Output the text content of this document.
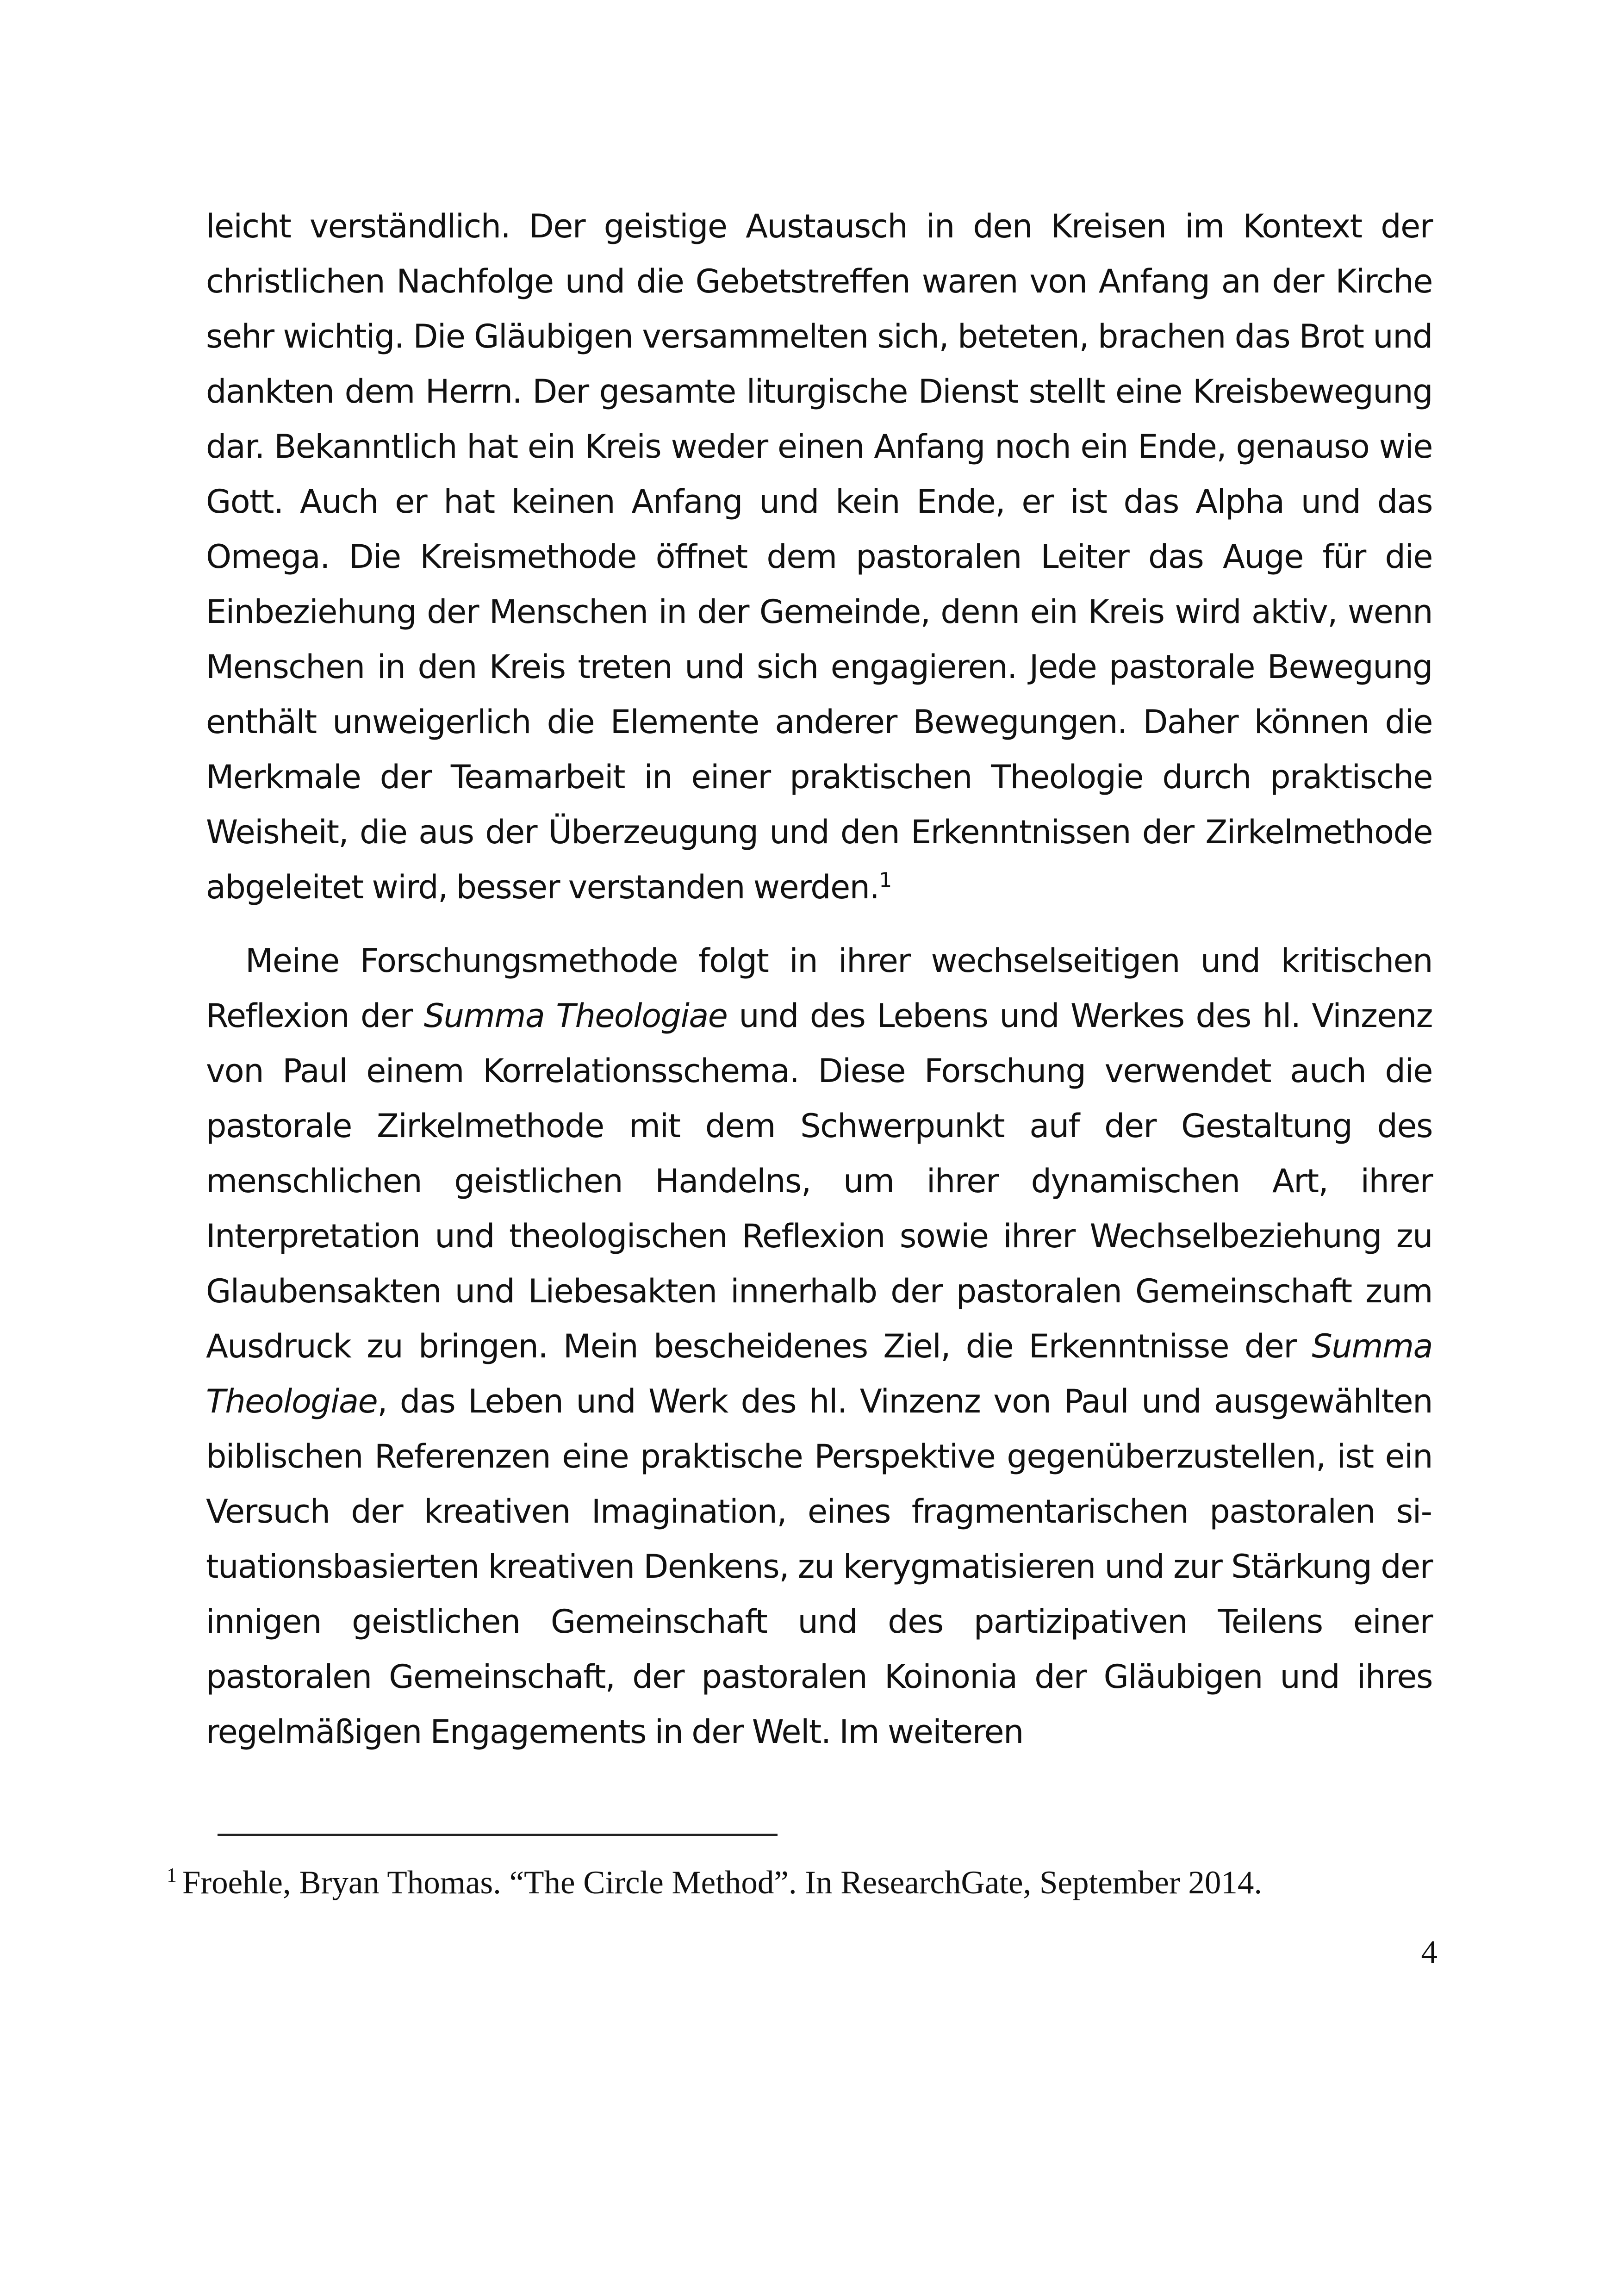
leicht verständlich. Der geistige Austausch in den Kreisen im Kontext der christlichen Nachfolge und die Gebetstreffen waren von Anfang an der Kirche sehr wichtig. Die Gläubigen versammelten sich, beteten, brachen das Brot und dankten dem Herrn. Der gesamte liturgische Dienst stellt eine Kreisbewegung dar. Bekanntlich hat ein Kreis weder einen Anfang noch ein Ende, genauso wie Gott. Auch er hat keinen Anfang und kein Ende, er ist das Alpha und das Omega. Die Kreismethode öffnet dem pastoralen Leiter das Auge für die Einbeziehung der Menschen in der Gemeinde, denn ein Kreis wird aktiv, wenn Menschen in den Kreis treten und sich engagieren. Jede pastorale Bewegung enthält unweigerlich die Elemente anderer Bewegungen. Daher können die Merkmale der Teamarbeit in einer praktischen Theologie durch praktische Weisheit, die aus der Überzeugung und den Erkenntnissen der Zirkelmethode abgeleitet wird, besser verstanden werden.$^1$

Meine Forschungsmethode folgt in ihrer wechselseitigen und kritischen Reflexion der Summa Theologiae und des Lebens und Werkes des hl. Vinzenz von Paul einem Korrelationsschema. Diese Forschung verwendet auch die pastorale Zirkelmethode mit dem Schwerpunkt auf der Gestaltung des menschlichen geistlichen Handelns, um ihrer dynamischen Art, ihrer Interpretation und theologischen Reflexion sowie ihrer Wechselbeziehung zu Glaubensakten und Liebesakten innerhalb der pastoralen Gemeinschaft zum Ausdruck zu bringen. Mein bescheidenes Ziel, die Erkenntnisse der Summa Theologiae, das Leben und Werk des hl. Vinzenz von Paul und ausgewählten biblischen Referenzen eine praktische Perspektive gegenüberzustellen, ist ein Versuch der kreativen Imagination, eines fragmentarischen pastoralen situationsbasierten kreativen Denkens, zu kerygmatisieren und zur Stärkung der innigen geistlichen Gemeinschaft und des partizipativen Teilens einer pastoralen Gemeinschaft, der pastoralen Koinonia der Gläubigen und ihres regelmäßigen Engagements in der Welt. Im weiteren

$^1$ Froehle, Bryan Thomas. “The Circle Method”. In ResearchGate, September 2014.
4
